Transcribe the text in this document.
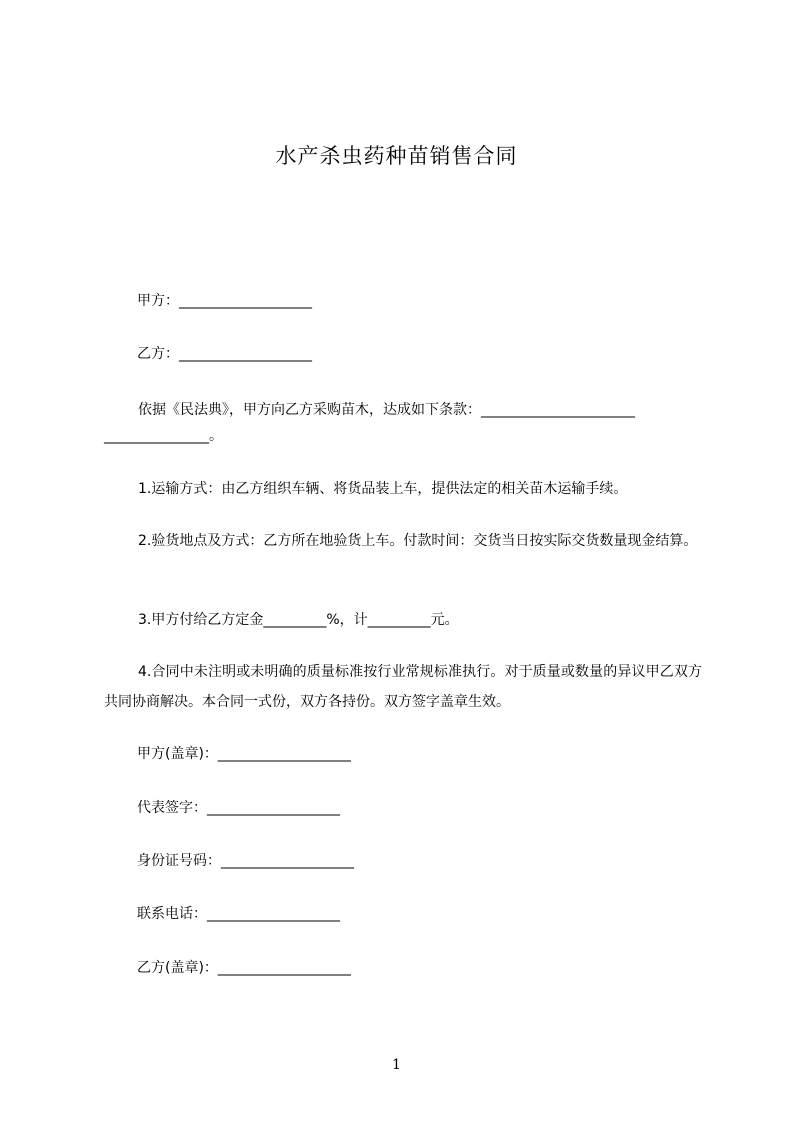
水产杀虫药种苗销售合同
甲方：___________________
乙方：___________________
依据《民法典》，甲方向乙方采购苗木，达成如下条款：______________________
_______________。
1.运输方式：由乙方组织车辆、将货品装上车，提供法定的相关苗木运输手续。
2.验货地点及方式：乙方所在地验货上车。付款时间：交货当日按实际交货数量现金结算。
3.甲方付给乙方定金_________%，计_________元。
4.合同中未注明或未明确的质量标准按行业常规标准执行。对于质量或数量的异议甲乙双方共同协商解决。本合同一式份，双方各持份。双方签字盖章生效。
甲方(盖章)：___________________
代表签字：___________________
身份证号码：___________________
联系电话：___________________
乙方(盖章)：___________________
1
